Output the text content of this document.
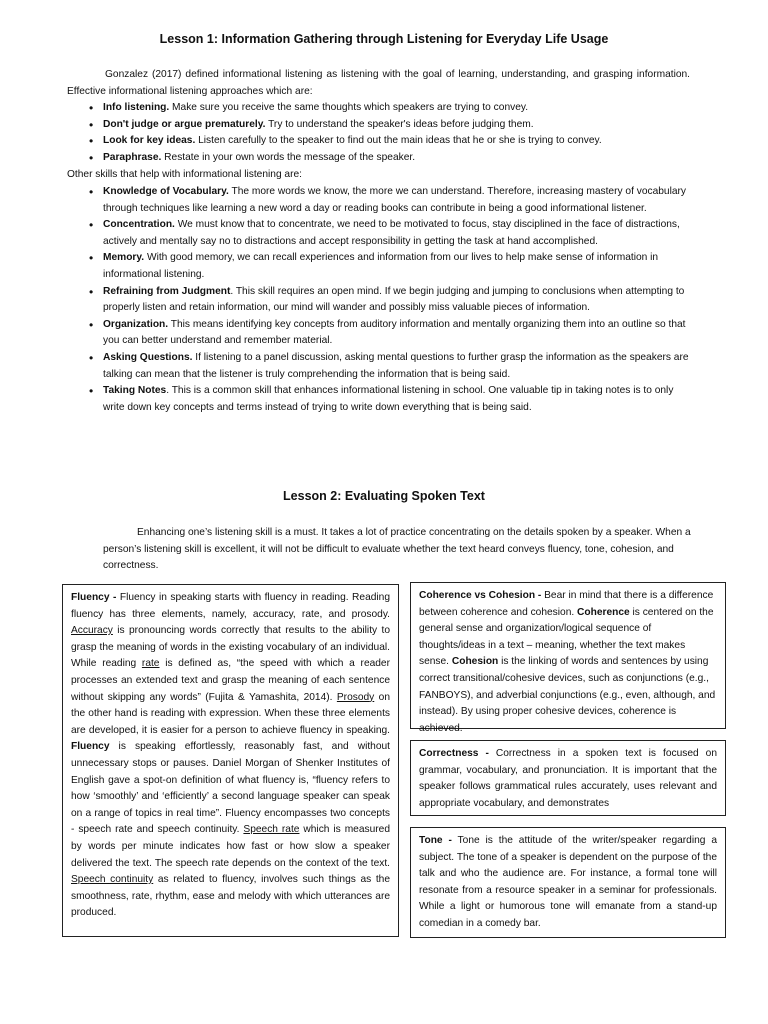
Lesson 1: Information Gathering through Listening for Everyday Life Usage
Gonzalez (2017) defined informational listening as listening with the goal of learning, understanding, and grasping information. Effective informational listening approaches which are:
• Info listening. Make sure you receive the same thoughts which speakers are trying to convey.
• Don't judge or argue prematurely. Try to understand the speaker's ideas before judging them.
• Look for key ideas. Listen carefully to the speaker to find out the main ideas that he or she is trying to convey.
• Paraphrase. Restate in your own words the message of the speaker.
Other skills that help with informational listening are:
• Knowledge of Vocabulary. The more words we know, the more we can understand. Therefore, increasing mastery of vocabulary through techniques like learning a new word a day or reading books can contribute in being a good informational listener.
• Concentration. We must know that to concentrate, we need to be motivated to focus, stay disciplined in the face of distractions, actively and mentally say no to distractions and accept responsibility in getting the task at hand accomplished.
• Memory. With good memory, we can recall experiences and information from our lives to help make sense of information in informational listening.
• Refraining from Judgment. This skill requires an open mind. If we begin judging and jumping to conclusions when attempting to properly listen and retain information, our mind will wander and possibly miss valuable pieces of information.
• Organization. This means identifying key concepts from auditory information and mentally organizing them into an outline so that you can better understand and remember material.
• Asking Questions. If listening to a panel discussion, asking mental questions to further grasp the information as the speakers are talking can mean that the listener is truly comprehending the information that is being said.
• Taking Notes. This is a common skill that enhances informational listening in school. One valuable tip in taking notes is to only write down key concepts and terms instead of trying to write down everything that is being said.
Lesson 2: Evaluating Spoken Text
Enhancing one’s listening skill is a must. It takes a lot of practice concentrating on the details spoken by a speaker. When a person’s listening skill is excellent, it will not be difficult to evaluate whether the text heard conveys fluency, tone, cohesion, and correctness.

Fluency - Fluency in speaking starts with fluency in reading. Reading fluency has three elements, namely, accuracy, rate, and prosody. Accuracy is pronouncing words correctly that results to the ability to grasp the meaning of words in the existing vocabulary of an individual. While reading rate is defined as, “the speed with which a reader processes an extended text and grasp the meaning of each sentence without skipping any words” (Fujita & Yamashita, 2014). Prosody on the other hand is reading with expression. When these three elements are developed, it is easier for a person to achieve fluency in speaking. Fluency is speaking effortlessly, reasonably fast, and without unnecessary stops or pauses. Daniel Morgan of Shenker Institutes of English gave a spot-on definition of what fluency is, “fluency refers to how ‘smoothly’ and ‘efficiently’ a second language speaker can speak on a range of topics in real time”. Fluency encompasses two concepts - speech rate and speech continuity. Speech rate which is measured by words per minute indicates how fast or how slow a speaker delivered the text. The speech rate depends on the context of the text. Speech continuity as related to fluency, involves such things as the smoothness, rate, rhythm, ease and melody with which utterances are produced.

Coherence vs Cohesion - Bear in mind that there is a difference between coherence and cohesion. Coherence is centered on the general sense and organization/logical sequence of thoughts/ideas in a text – meaning, whether the text makes sense. Cohesion is the linking of words and sentences by using correct transitional/cohesive devices, such as conjunctions (e.g., FANBOYS), and adverbial conjunctions (e.g., even, although, and instead). By using proper cohesive devices, coherence is achieved.

Correctness - Correctness in a spoken text is focused on grammar, vocabulary, and pronunciation. It is important that the speaker follows grammatical rules accurately, uses relevant and appropriate vocabulary, and demonstrates

Tone - Tone is the attitude of the writer/speaker regarding a subject. The tone of a speaker is dependent on the purpose of the talk and who the audience are. For instance, a formal tone will resonate from a resource speaker in a seminar for professionals. While a light or humorous tone will emanate from a stand-up comedian in a comedy bar.
